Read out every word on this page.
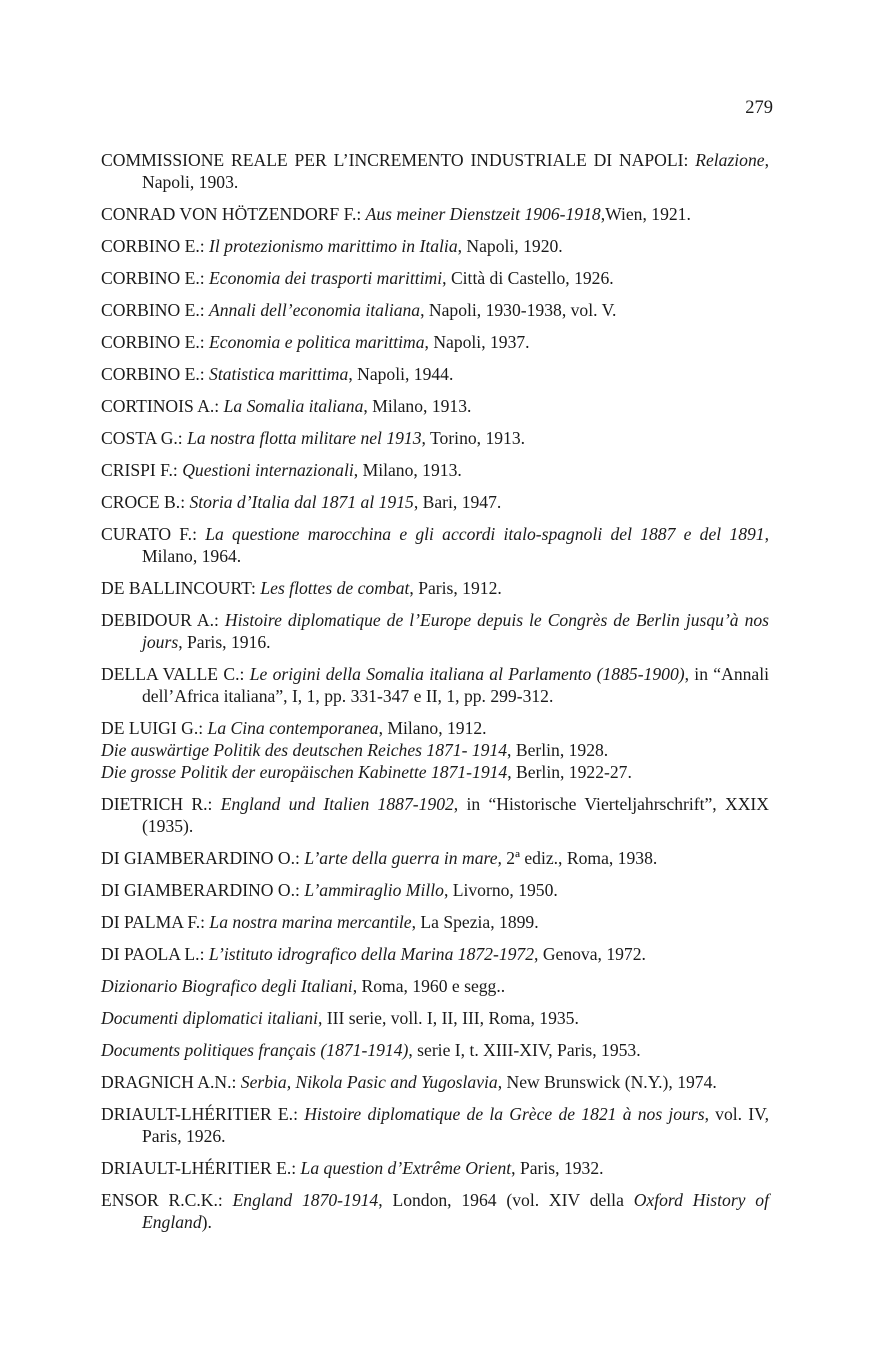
279

COMMISSIONE REALE PER L’INCREMENTO INDUSTRIALE DI NAPOLI: Relazione, Napoli, 1903.

CONRAD VON HÖTZENDORF F.: Aus meiner Dienstzeit 1906-1918,Wien, 1921.

CORBINO E.: Il protezionismo marittimo in Italia, Napoli, 1920.

CORBINO E.: Economia dei trasporti marittimi, Città di Castello, 1926.

CORBINO E.: Annali dell’economia italiana, Napoli, 1930-1938, vol. V.

CORBINO E.: Economia e politica marittima, Napoli, 1937.

CORBINO E.: Statistica marittima, Napoli, 1944.

CORTINOIS A.: La Somalia italiana, Milano, 1913.

COSTA G.: La nostra flotta militare nel 1913, Torino, 1913.

CRISPI F.: Questioni internazionali, Milano, 1913.

CROCE B.: Storia d’Italia dal 1871 al 1915, Bari, 1947.

CURATO F.: La questione marocchina e gli accordi italo-spagnoli del 1887 e del 1891, Milano, 1964.

DE BALLINCOURT: Les flottes de combat, Paris, 1912.

DEBIDOUR A.: Histoire diplomatique de l’Europe depuis le Congrès de Berlin jusqu’à nos jours, Paris, 1916.

DELLA VALLE C.: Le origini della Somalia italiana al Parlamento (1885-1900), in “Annali dell’Africa italiana”, I, 1, pp. 331-347 e II, 1, pp. 299-312.

DE LUIGI G.: La Cina contemporanea, Milano, 1912.

Die auswärtige Politik des deutschen Reiches 1871- 1914, Berlin, 1928.

Die grosse Politik der europäischen Kabinette 1871-1914, Berlin, 1922-27.

DIETRICH R.: England und Italien 1887-1902, in “Historische Vierteljahrschrift”, XXIX (1935).

DI GIAMBERARDINO O.: L’arte della guerra in mare, 2ª ediz., Roma, 1938.

DI GIAMBERARDINO O.: L’ammiraglio Millo, Livorno, 1950.

DI PALMA F.: La nostra marina mercantile, La Spezia, 1899.

DI PAOLA L.: L’istituto idrografico della Marina 1872-1972, Genova, 1972.

Dizionario Biografico degli Italiani, Roma, 1960 e segg..

Documenti diplomatici italiani, III serie, voll. I, II, III, Roma, 1935.

Documents politiques français (1871-1914), serie I, t. XIII-XIV, Paris, 1953.

DRAGNICH A.N.: Serbia, Nikola Pasic and Yugoslavia, New Brunswick (N.Y.), 1974.

DRIAULT-LHÉRITIER E.: Histoire diplomatique de la Grèce de 1821 à nos jours, vol. IV, Paris, 1926.

DRIAULT-LHÉRITIER E.: La question d’Extrême Orient, Paris, 1932.

ENSOR R.C.K.: England 1870-1914, London, 1964 (vol. XIV della Oxford History of England).
